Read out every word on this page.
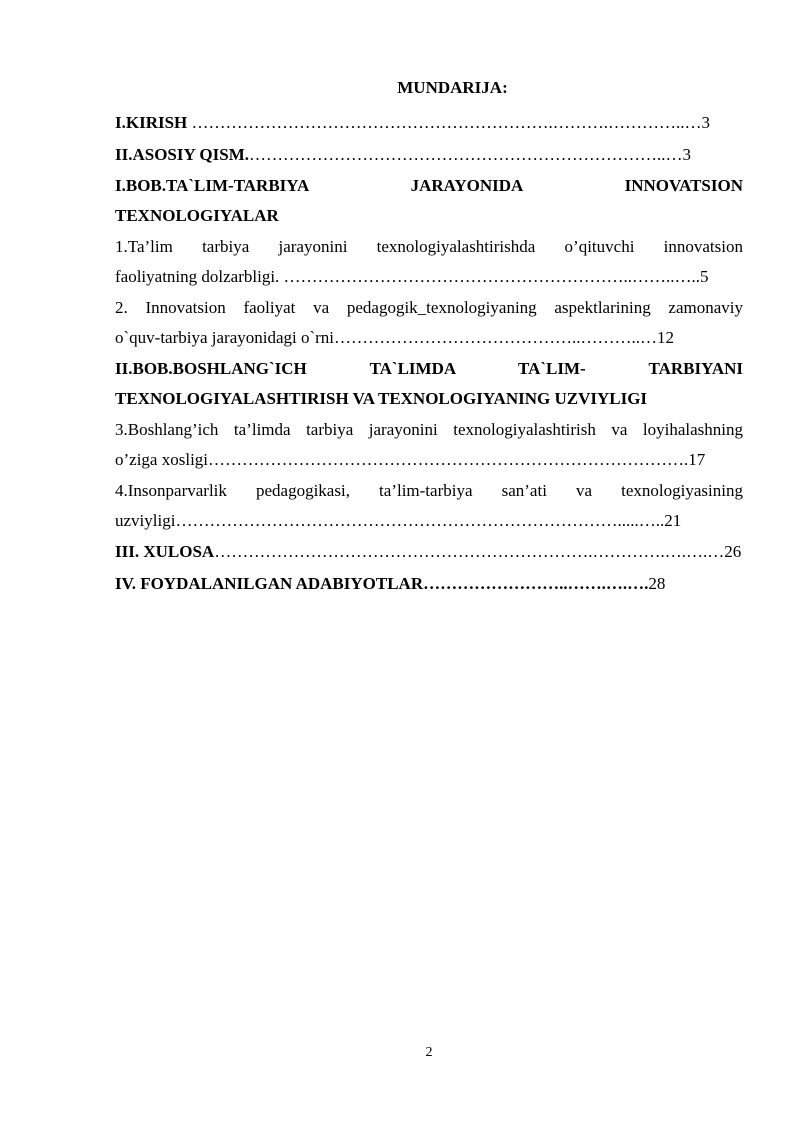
MUNDARIJA:
I.KIRISH ……………………………………………………….……….…………..…3
II.ASOSIY QISM.………………………………………………………………..…3
I.BOB.TA`LIM-TARBIYA JARAYONIDA INNOVATSION
TEXNOLOGIYALAR
1.Ta’lim tarbiya jarayonini texnologiyalashtirishda o’qituvchi innovatsion
faoliyatning dolzarbligi. ……………………………………………………..……..…..5
2. Innovatsion faoliyat va pedagogik_texnologiyaning aspektlarining zamonaviy
o`quv-tarbiya jarayonidagi o`rni……………………………………..………..…12
II.BOB.BOSHLANG`ICH TA`LIMDA TA`LIM- TARBIYANI
TEXNOLOGIYALASHTIRISH VA TEXNOLOGIYANING UZVIYLIGI
3.Boshlang’ich ta’limda tarbiya jarayonini texnologiyalashtirish va loyihalashning
o’ziga xosligi………………………………………………………………………….17
4.Insonparvarlik pedagogikasi, ta’lim-tarbiya san’ati va texnologiyasining
uzviyligi…………………………………………………………………….....…..21
III. XULOSA………………………………………………………….………….….….…26
IV. FOYDALANILGAN ADABIYOTLAR……………………..…….….….28
2
